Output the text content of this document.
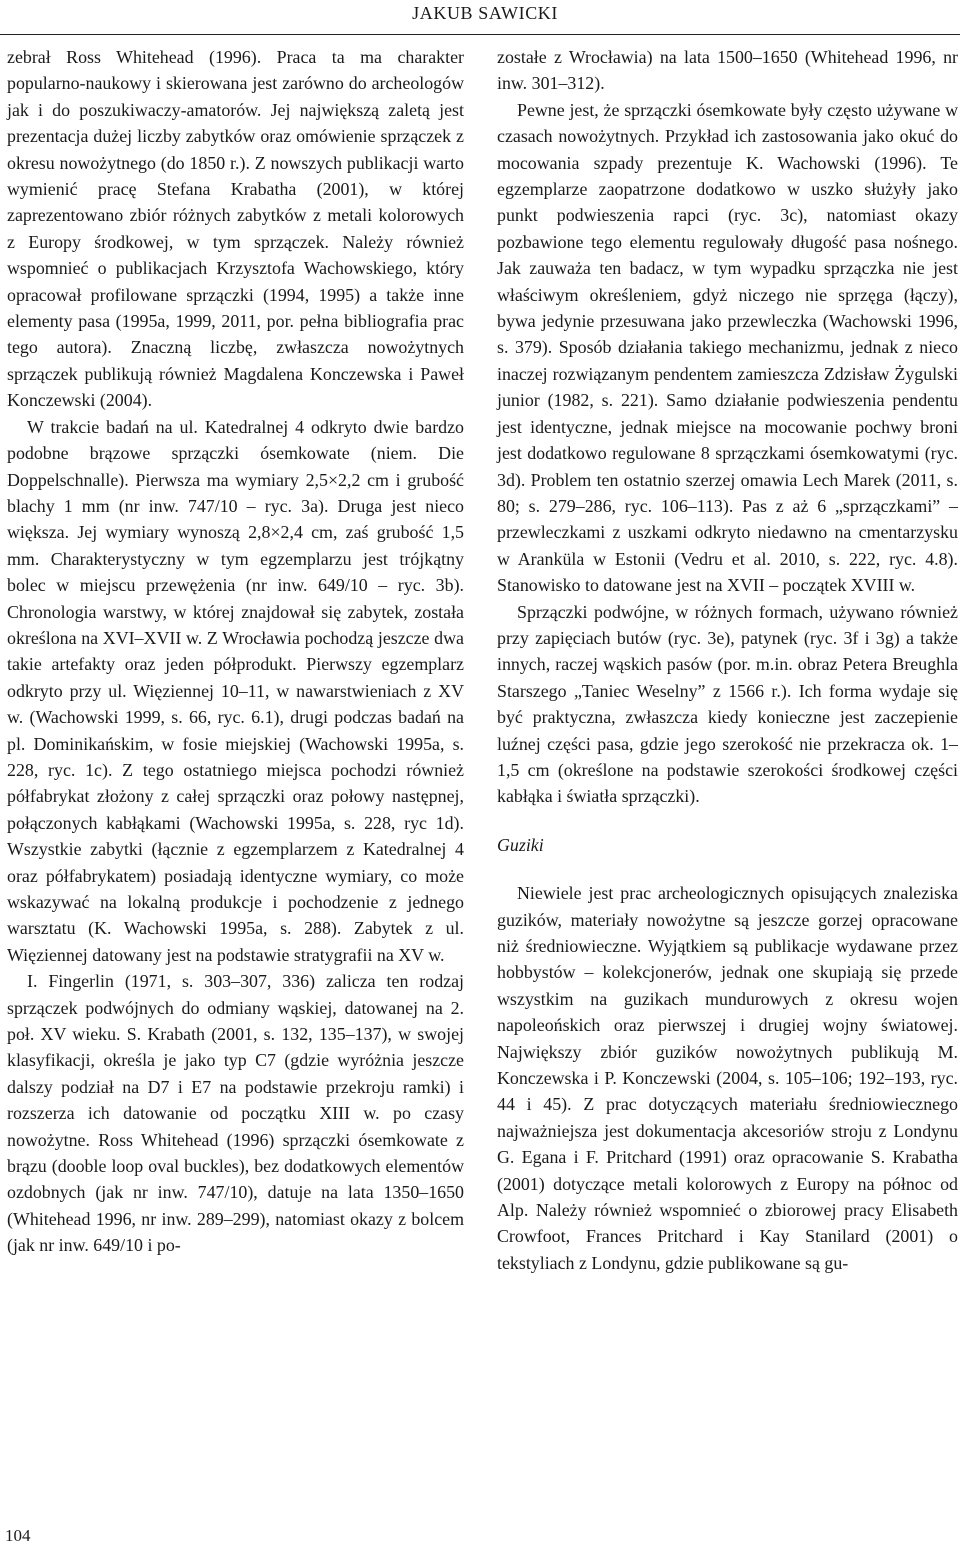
JAKUB SAWICKI

zebrał Ross Whitehead (1996). Praca ta ma charakter popularno-naukowy i skierowana jest zarówno do archeologów jak i do poszukiwaczy-amatorów. Jej największą zaletą jest prezentacja dużej liczby zabytków oraz omówienie sprzączek z okresu nowożytnego (do 1850 r.). Z nowszych publikacji warto wymienić pracę Stefana Krabatha (2001), w której zaprezentowano zbiór różnych zabytków z metali kolorowych z Europy środkowej, w tym sprzączek. Należy również wspomnieć o publikacjach Krzysztofa Wachowskiego, który opracował profilowane sprzączki (1994, 1995) a także inne elementy pasa (1995a, 1999, 2011, por. pełna bibliografia prac tego autora). Znaczną liczbę, zwłaszcza nowożytnych sprzączek publikują również Magdalena Konczewska i Paweł Konczewski (2004).

W trakcie badań na ul. Katedralnej 4 odkryto dwie bardzo podobne brązowe sprzączki ósemkowate (niem. Die Doppelschnalle). Pierwsza ma wymiary 2,5×2,2 cm i grubość blachy 1 mm (nr inw. 747/10 – ryc. 3a). Druga jest nieco większa. Jej wymiary wynoszą 2,8×2,4 cm, zaś grubość 1,5 mm. Charakterystyczny w tym egzemplarzu jest trójkątny bolec w miejscu przewężenia (nr inw. 649/10 – ryc. 3b). Chronologia warstwy, w której znajdował się zabytek, została określona na XVI–XVII w. Z Wrocławia pochodzą jeszcze dwa takie artefakty oraz jeden półprodukt. Pierwszy egzemplarz odkryto przy ul. Więziennej 10–11, w nawarstwieniach z XV w. (Wachowski 1999, s. 66, ryc. 6.1), drugi podczas badań na pl. Dominikańskim, w fosie miejskiej (Wachowski 1995a, s. 228, ryc. 1c). Z tego ostatniego miejsca pochodzi również półfabrykat złożony z całej sprzączki oraz połowy następnej, połączonych kabłąkami (Wachowski 1995a, s. 228, ryc 1d). Wszystkie zabytki (łącznie z egzemplarzem z Katedralnej 4 oraz półfabrykatem) posiadają identyczne wymiary, co może wskazywać na lokalną produkcje i pochodzenie z jednego warsztatu (K. Wachowski 1995a, s. 288). Zabytek z ul. Więziennej datowany jest na podstawie stratygrafii na XV w.

I. Fingerlin (1971, s. 303–307, 336) zalicza ten rodzaj sprzączek podwójnych do odmiany wąskiej, datowanej na 2. poł. XV wieku. S. Krabath (2001, s. 132, 135–137), w swojej klasyfikacji, określa je jako typ C7 (gdzie wyróżnia jeszcze dalszy podział na D7 i E7 na podstawie przekroju ramki) i rozszerza ich datowanie od początku XIII w. po czasy nowożytne. Ross Whitehead (1996) sprzączki ósemkowate z brązu (dooble loop oval buckles), bez dodatkowych elementów ozdobnych (jak nr inw. 747/10), datuje na lata 1350–1650 (Whitehead 1996, nr inw. 289–299), natomiast okazy z bolcem (jak nr inw. 649/10 i po-

zostałe z Wrocławia) na lata 1500–1650 (Whitehead 1996, nr inw. 301–312).

Pewne jest, że sprzączki ósemkowate były często używane w czasach nowożytnych. Przykład ich zastosowania jako okuć do mocowania szpady prezentuje K. Wachowski (1996). Te egzemplarze zaopatrzone dodatkowo w uszko służyły jako punkt podwieszenia rapci (ryc. 3c), natomiast okazy pozbawione tego elementu regulowały długość pasa nośnego. Jak zauważa ten badacz, w tym wypadku sprzączka nie jest właściwym określeniem, gdyż niczego nie sprzęga (łączy), bywa jedynie przesuwana jako przewleczka (Wachowski 1996, s. 379). Sposób działania takiego mechanizmu, jednak z nieco inaczej rozwiązanym pendentem zamieszcza Zdzisław Żygulski junior (1982, s. 221). Samo działanie podwieszenia pendentu jest identyczne, jednak miejsce na mocowanie pochwy broni jest dodatkowo regulowane 8 sprzączkami ósemkowatymi (ryc. 3d). Problem ten ostatnio szerzej omawia Lech Marek (2011, s. 80; s. 279–286, ryc. 106–113). Pas z aż 6 „sprzączkami” – przewleczkami z uszkami odkryto niedawno na cmentarzysku w Aranküla w Estonii (Vedru et al. 2010, s. 222, ryc. 4.8). Stanowisko to datowane jest na XVII – początek XVIII w.

Sprzączki podwójne, w różnych formach, używano również przy zapięciach butów (ryc. 3e), patynek (ryc. 3f i 3g) a także innych, raczej wąskich pasów (por. m.in. obraz Petera Breughla Starszego „Taniec Weselny” z 1566 r.). Ich forma wydaje się być praktyczna, zwłaszcza kiedy konieczne jest zaczepienie luźnej części pasa, gdzie jego szerokość nie przekracza ok. 1–1,5 cm (określone na podstawie szerokości środkowej części kabłąka i światła sprzączki).

Guziki

Niewiele jest prac archeologicznych opisujących znaleziska guzików, materiały nowożytne są jeszcze gorzej opracowane niż średniowieczne. Wyjątkiem są publikacje wydawane przez hobbystów – kolekcjonerów, jednak one skupiają się przede wszystkim na guzikach mundurowych z okresu wojen napoleońskich oraz pierwszej i drugiej wojny światowej. Największy zbiór guzików nowożytnych publikują M. Konczewska i P. Konczewski (2004, s. 105–106; 192–193, ryc. 44 i 45). Z prac dotyczących materiału średniowiecznego najważniejsza jest dokumentacja akcesoriów stroju z Londynu G. Egana i F. Pritchard (1991) oraz opracowanie S. Krabatha (2001) dotyczące metali kolorowych z Europy na północ od Alp. Należy również wspomnieć o zbiorowej pracy Elisabeth Crowfoot, Frances Pritchard i Kay Stanilard (2001) o tekstyliach z Londynu, gdzie publikowane są gu-

104
